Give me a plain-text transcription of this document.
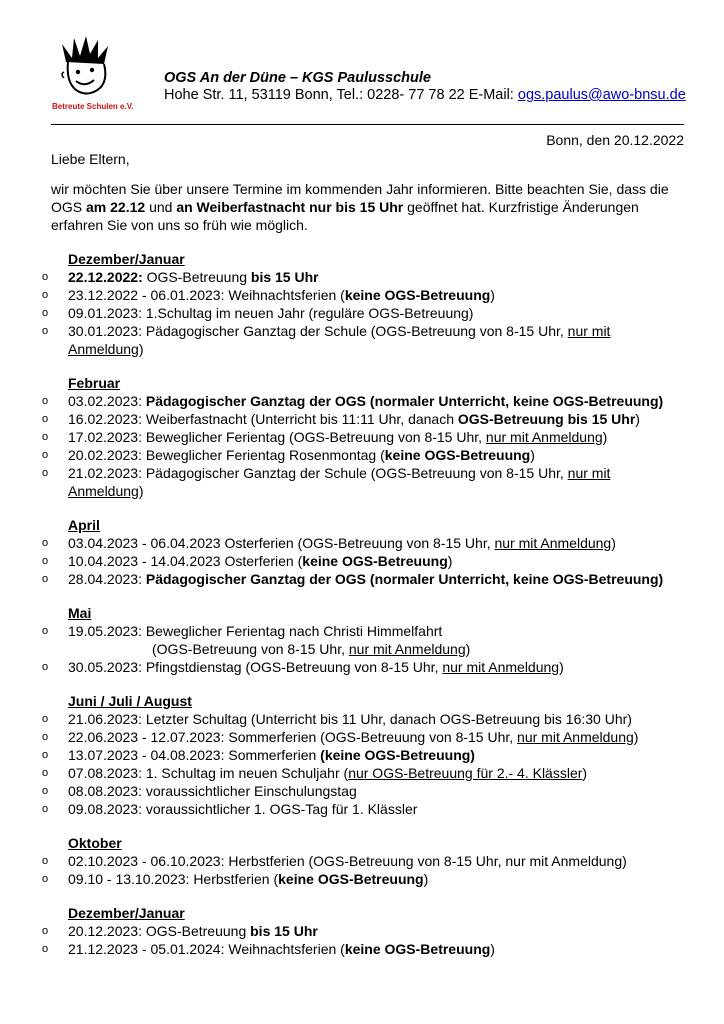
Betreute Schulen e.V.
OGS An der Düne – KGS Paulusschule
Hohe Str. 11, 53119 Bonn, Tel.: 0228- 77 78 22 E-Mail: ogs.paulus@awo-bnsu.de
Bonn, den 20.12.2022
Liebe Eltern,
wir möchten Sie über unsere Termine im kommenden Jahr informieren. Bitte beachten Sie, dass die OGS am 22.12 und an Weiberfastnacht nur bis 15 Uhr geöffnet hat. Kurzfristige Änderungen erfahren Sie von uns so früh wie möglich.
Dezember/Januar
o 22.12.2022: OGS-Betreuung bis 15 Uhr
o 23.12.2022 - 06.01.2023: Weihnachtsferien (keine OGS-Betreuung)
o 09.01.2023: 1.Schultag im neuen Jahr (reguläre OGS-Betreuung)
o 30.01.2023: Pädagogischer Ganztag der Schule (OGS-Betreuung von 8-15 Uhr, nur mit
Anmeldung)
Februar
o 03.02.2023: Pädagogischer Ganztag der OGS (normaler Unterricht, keine OGS-Betreuung)
o 16.02.2023: Weiberfastnacht (Unterricht bis 11:11 Uhr, danach OGS-Betreuung bis 15 Uhr)
o 17.02.2023: Beweglicher Ferientag (OGS-Betreuung von 8-15 Uhr, nur mit Anmeldung)
o 20.02.2023: Beweglicher Ferientag Rosenmontag (keine OGS-Betreuung)
o 21.02.2023: Pädagogischer Ganztag der Schule (OGS-Betreuung von 8-15 Uhr, nur mit
Anmeldung)
April
o 03.04.2023 - 06.04.2023 Osterferien (OGS-Betreuung von 8-15 Uhr, nur mit Anmeldung)
o 10.04.2023 - 14.04.2023 Osterferien (keine OGS-Betreuung)
o 28.04.2023: Pädagogischer Ganztag der OGS (normaler Unterricht, keine OGS-Betreuung)
Mai
o 19.05.2023: Beweglicher Ferientag nach Christi Himmelfahrt
(OGS-Betreuung von 8-15 Uhr, nur mit Anmeldung)
o 30.05.2023: Pfingstdienstag (OGS-Betreuung von 8-15 Uhr, nur mit Anmeldung)
Juni / Juli / August
o 21.06.2023: Letzter Schultag (Unterricht bis 11 Uhr, danach OGS-Betreuung bis 16:30 Uhr)
o 22.06.2023 - 12.07.2023: Sommerferien (OGS-Betreuung von 8-15 Uhr, nur mit Anmeldung)
o 13.07.2023 - 04.08.2023: Sommerferien (keine OGS-Betreuung)
o 07.08.2023: 1. Schultag im neuen Schuljahr (nur OGS-Betreuung für 2.- 4. Klässler)
o 08.08.2023: voraussichtlicher Einschulungstag
o 09.08.2023: voraussichtlicher 1. OGS-Tag für 1. Klässler
Oktober
o 02.10.2023 - 06.10.2023: Herbstferien (OGS-Betreuung von 8-15 Uhr, nur mit Anmeldung)
o 09.10 - 13.10.2023: Herbstferien (keine OGS-Betreuung)
Dezember/Januar
o 20.12.2023: OGS-Betreuung bis 15 Uhr
o 21.12.2023 - 05.01.2024: Weihnachtsferien (keine OGS-Betreuung)
